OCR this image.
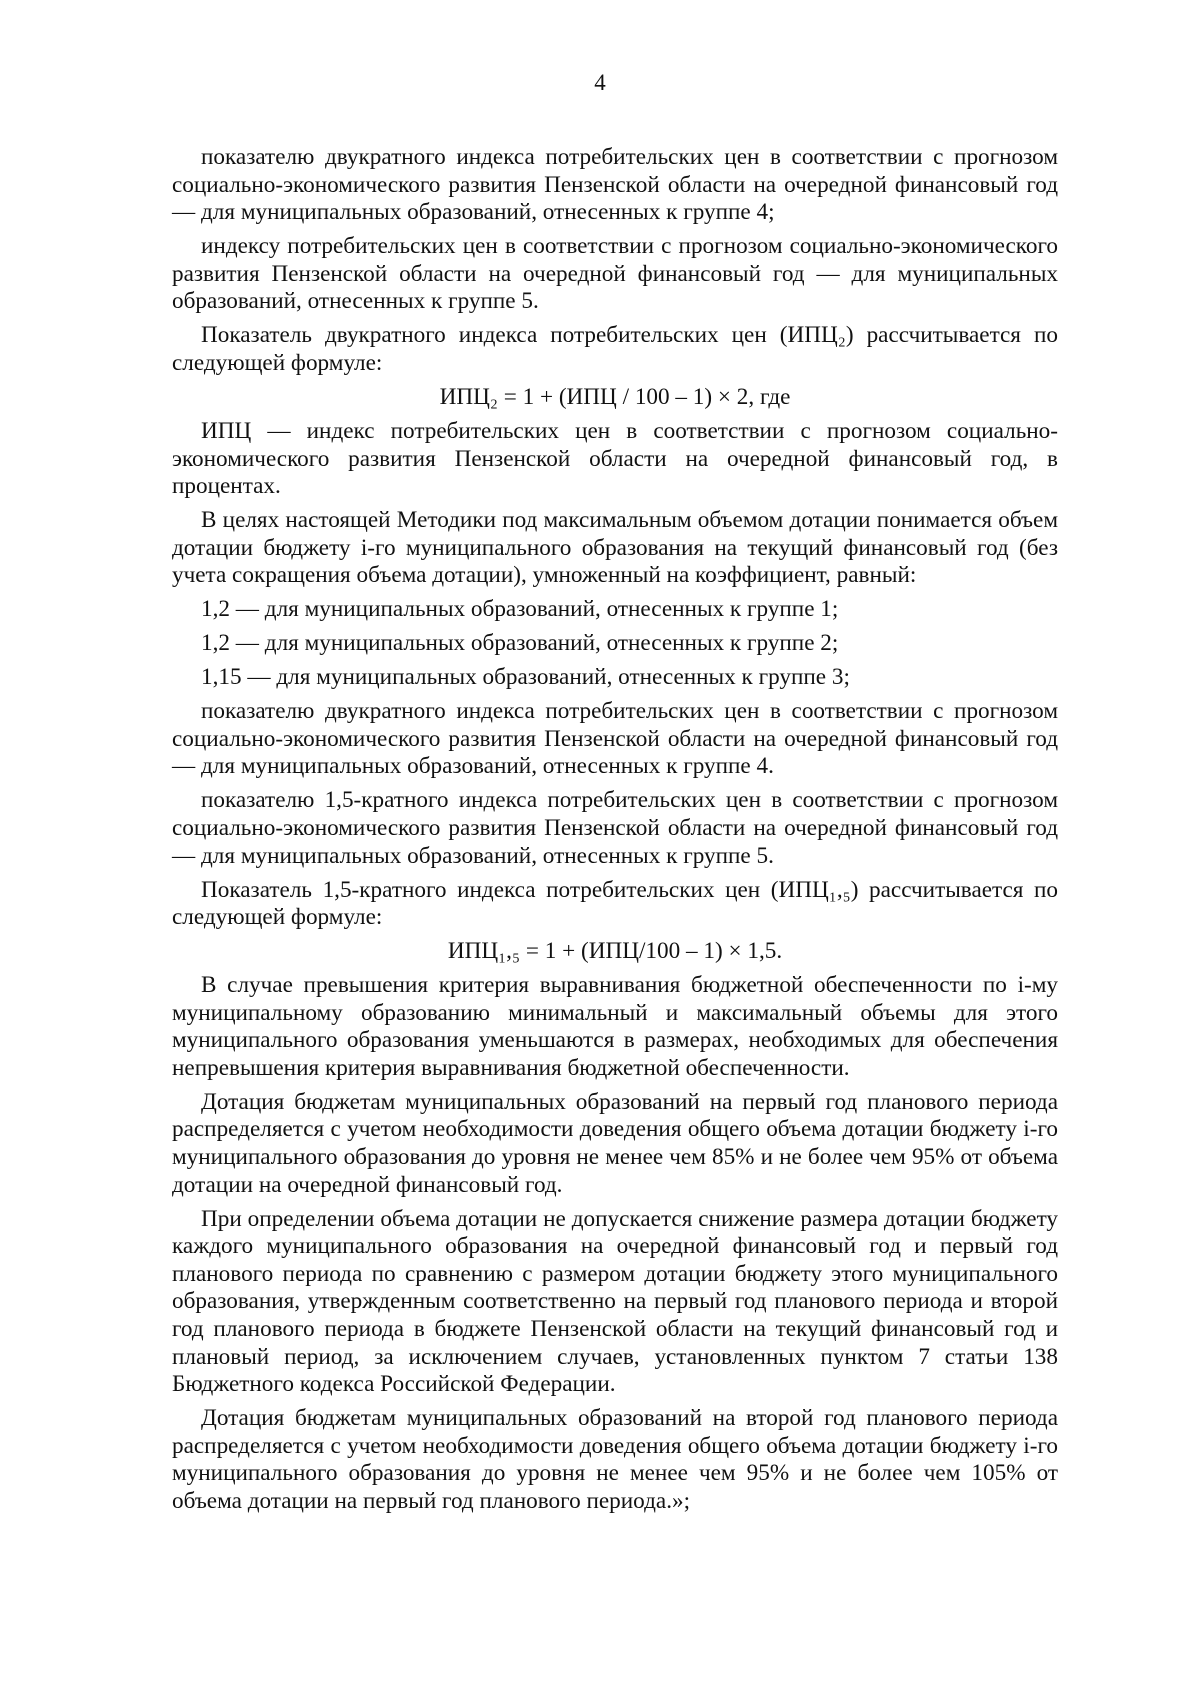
4

показателю двукратного индекса потребительских цен в соответствии с прогнозом социально-экономического развития Пензенской области на очередной финансовый год — для муниципальных образований, отнесенных к группе 4;

индексу потребительских цен в соответствии с прогнозом социально-экономического развития Пензенской области на очередной финансовый год — для муниципальных образований, отнесенных к группе 5.

Показатель двукратного индекса потребительских цен (ИПЦ₂) рассчитывается по следующей формуле:

ИПЦ₂ = 1 + (ИПЦ / 100 – 1) × 2, где

ИПЦ — индекс потребительских цен в соответствии с прогнозом социально-экономического развития Пензенской области на очередной финансовый год, в процентах.

В целях настоящей Методики под максимальным объемом дотации понимается объем дотации бюджету i-го муниципального образования на текущий финансовый год (без учета сокращения объема дотации), умноженный на коэффициент, равный:

1,2 — для муниципальных образований, отнесенных к группе 1;

1,2 — для муниципальных образований, отнесенных к группе 2;

1,15 — для муниципальных образований, отнесенных к группе 3;

показателю двукратного индекса потребительских цен в соответствии с прогнозом социально-экономического развития Пензенской области на очередной финансовый год — для муниципальных образований, отнесенных к группе 4.

показателю 1,5-кратного индекса потребительских цен в соответствии с прогнозом социально-экономического развития Пензенской области на очередной финансовый год — для муниципальных образований, отнесенных к группе 5.

Показатель 1,5-кратного индекса потребительских цен (ИПЦ₁,₅) рассчитывается по следующей формуле:

ИПЦ₁,₅ = 1 + (ИПЦ/100 – 1) × 1,5.

В случае превышения критерия выравнивания бюджетной обеспеченности по i-му муниципальному образованию минимальный и максимальный объемы для этого муниципального образования уменьшаются в размерах, необходимых для обеспечения непревышения критерия выравнивания бюджетной обеспеченности.

Дотация бюджетам муниципальных образований на первый год планового периода распределяется с учетом необходимости доведения общего объема дотации бюджету i-го муниципального образования до уровня не менее чем 85% и не более чем 95% от объема дотации на очередной финансовый год.

При определении объема дотации не допускается снижение размера дотации бюджету каждого муниципального образования на очередной финансовый год и первый год планового периода по сравнению с размером дотации бюджету этого муниципального образования, утвержденным соответственно на первый год планового периода и второй год планового периода в бюджете Пензенской области на текущий финансовый год и плановый период, за исключением случаев, установленных пунктом 7 статьи 138 Бюджетного кодекса Российской Федерации.

Дотация бюджетам муниципальных образований на второй год планового периода распределяется с учетом необходимости доведения общего объема дотации бюджету i-го муниципального образования до уровня не менее чем 95% и не более чем 105% от объема дотации на первый год планового периода.»;
